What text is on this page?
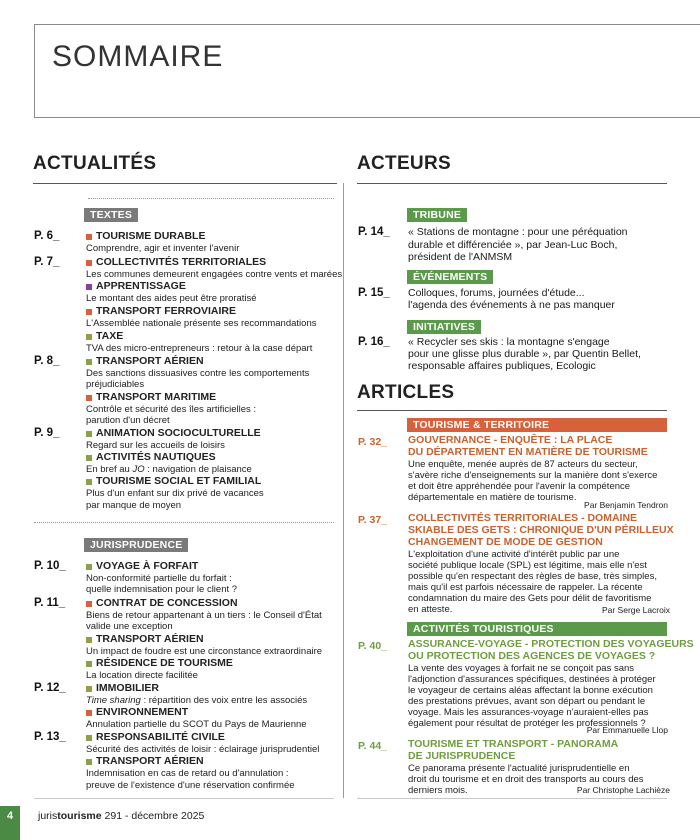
SOMMAIRE
ACTUALITÉS
TEXTES
P. 6_	TOURISME DURABLE
Comprendre, agir et inventer l'avenir
P. 7_	COLLECTIVITÉS TERRITORIALES
Les communes demeurent engagées contre vents et marées
APPRENTISSAGE
Le montant des aides peut être proratisé
TRANSPORT FERROVIAIRE
L'Assemblée nationale présente ses recommandations
TAXE
TVA des micro-entrepreneurs : retour à la case départ
P. 8_	TRANSPORT AÉRIEN
Des sanctions dissuasives contre les comportements
préjudiciables
TRANSPORT MARITIME
Contrôle et sécurité des îles artificielles :
parution d'un décret
P. 9_	ANIMATION SOCIOCULTURELLE
Regard sur les accueils de loisirs
ACTIVITÉS NAUTIQUES
En bref au JO : navigation de plaisance
TOURISME SOCIAL ET FAMILIAL
Plus d'un enfant sur dix privé de vacances
par manque de moyen
JURISPRUDENCE
P. 10_	VOYAGE À FORFAIT
Non-conformité partielle du forfait :
quelle indemnisation pour le client ?
P. 11_	CONTRAT DE CONCESSION
Biens de retour appartenant à un tiers : le Conseil d'État
valide une exception
TRANSPORT AÉRIEN
Un impact de foudre est une circonstance extraordinaire
RÉSIDENCE DE TOURISME
La location directe facilitée
P. 12_	IMMOBILIER
Time sharing : répartition des voix entre les associés
ENVIRONNEMENT
Annulation partielle du SCOT du Pays de Maurienne
P. 13_	RESPONSABILITÉ CIVILE
Sécurité des activités de loisir : éclairage jurisprudentiel
TRANSPORT AÉRIEN
Indemnisation en cas de retard ou d'annulation :
preuve de l'existence d'une réservation confirmée
ACTEURS
TRIBUNE
P. 14_ « Stations de montagne : pour une péréquation
durable et différenciée », par Jean-Luc Boch,
président de l'ANMSM
ÉVÉNEMENTS
P. 15_ Colloques, forums, journées d'étude...
l'agenda des événements à ne pas manquer
INITIATIVES
P. 16_ « Recycler ses skis : la montagne s'engage
pour une glisse plus durable », par Quentin Bellet,
responsable affaires publiques, Ecologic
ARTICLES
TOURISME & TERRITOIRE
P. 32_ GOUVERNANCE - ENQUÊTE : LA PLACE
DU DÉPARTEMENT EN MATIÈRE DE TOURISME
Une enquête, menée auprès de 87 acteurs du secteur,
s'avère riche d'enseignements sur la manière dont s'exerce
et doit être appréhendée pour l'avenir la compétence
départementale en matière de tourisme.
Par Benjamin Tendron
P. 37_ COLLECTIVITÉS TERRITORIALES - DOMAINE
SKIABLE DES GETS : CHRONIQUE D'UN PÉRILLEUX
CHANGEMENT DE MODE DE GESTION
L'exploitation d'une activité d'intérêt public par une
société publique locale (SPL) est légitime, mais elle n'est
possible qu'en respectant des règles de base, très simples,
mais qu'il est parfois nécessaire de rappeler. La récente
condamnation du maire des Gets pour délit de favoritisme
en atteste.	Par Serge Lacroix
ACTIVITÉS TOURISTIQUES
P. 40_ ASSURANCE-VOYAGE - PROTECTION DES VOYAGEURS
OU PROTECTION DES AGENCES DE VOYAGES ?
La vente des voyages à forfait ne se conçoit pas sans
l'adjonction d'assurances spécifiques, destinées à protéger
le voyageur de certains aléas affectant la bonne exécution
des prestations prévues, avant son départ ou pendant le
voyage. Mais les assurances-voyage n'auraient-elles pas
également pour résultat de protéger les professionnels ?
Par Emmanuelle Llop
P. 44_ TOURISME ET TRANSPORT - PANORAMA
DE JURISPRUDENCE
Ce panorama présente l'actualité jurisprudentielle en
droit du tourisme et en droit des transports au cours des
derniers mois.	Par Christophe Lachièze
4	juristourisme 291 - décembre 2025
